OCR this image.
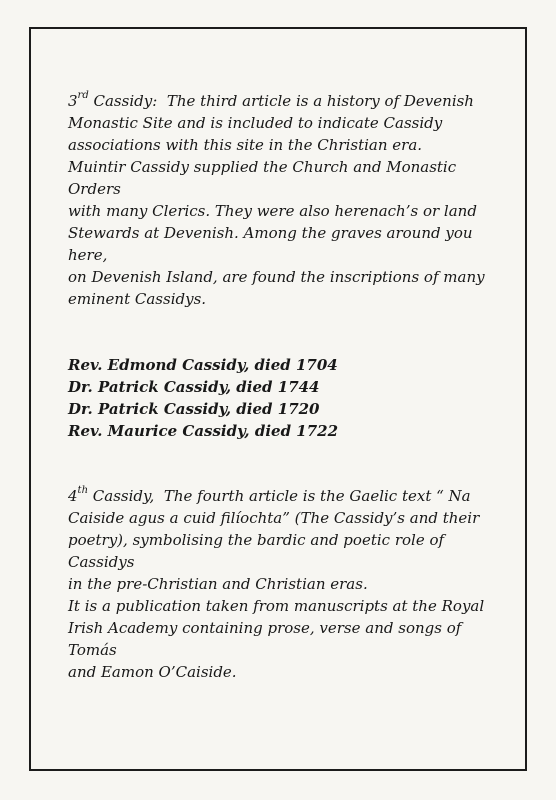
3rd Cassidy: The third article is a history of Devenish
Monastic Site and is included to indicate Cassidy
associations with this site in the Christian era.
Muintir Cassidy supplied the Church and Monastic Orders
with many Clerics. They were also herenach’s or land
Stewards at Devenish. Among the graves around you here,
on Devenish Island, are found the inscriptions of many
eminent Cassidys.

Rev. Edmond Cassidy, died 1704
Dr. Patrick Cassidy, died 1744
Dr. Patrick Cassidy, died 1720
Rev. Maurice Cassidy, died 1722

4th Cassidy, The fourth article is the Gaelic text “ Na
Caiside agus a cuid filíochta” (The Cassidy’s and their
poetry), symbolising the bardic and poetic role of Cassidys
in the pre-Christian and Christian eras.
It is a publication taken from manuscripts at the Royal
Irish Academy containing prose, verse and songs of Tomás
and Eamon O’Caiside.
